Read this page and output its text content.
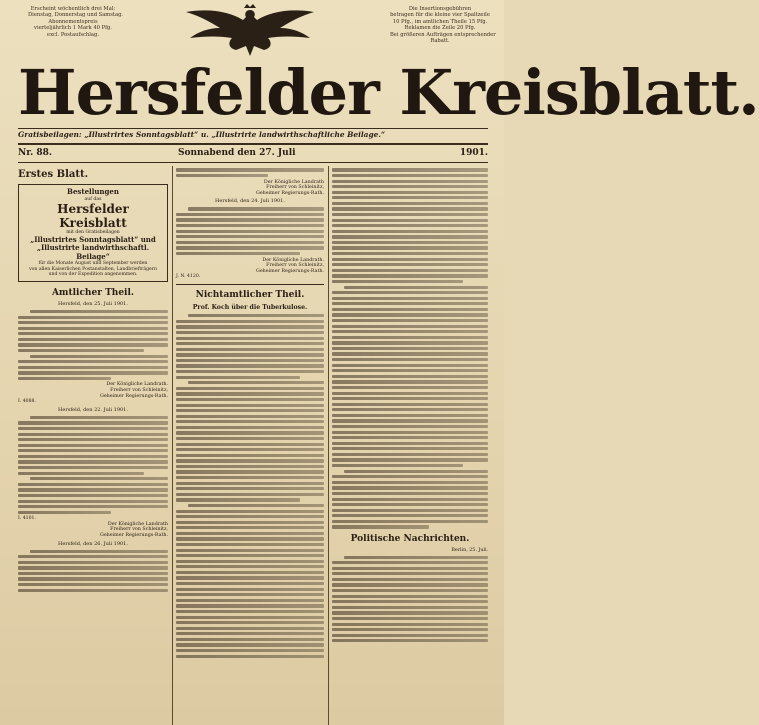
Erscheint wöchentlich drei Mal:
Dienstag, Donnerstag und Samstag.
Abonnementspreis
vierteljährlich 1 Mark 40 Pfg.
excl. Postaufschlag.
Die Insertionsgebühren
betragen für die kleine vier Spaltzeile
10 Pfg., im amtlichen Theile 15 Pfg.
Reklamen die Zeile 20 Pfg.
Bei größeren Aufträgen entsprechender
Rabatt.
Hersfelder Kreisblatt.
Gratisbeilagen: „Illustrirtes Sonntagsblatt“ u. „Illustrirte landwirthschaftliche Beilage.“
Nr. 88.	Sonnabend den 27. Juli	1901.
Erstes Blatt.
Bestellungen
auf das
Hersfelder Kreisblatt
mit den Gratisbeilagen
„Illustrirtes Sonntagsblatt“ und
„Illustrirte landwirthschaftl. Beilage“
für die Monate August und September werden
von allen Kaiserlichen Postanstalten, Landbriefträgern
und von der Expedition angenommen.
Amtlicher Theil.
Hersfeld, den 25. Juli 1901.
Der Königliche Landrath.
Freiherr von Schleinitz,
Geheimer Regierungs-Rath.
I. 4088.
Hersfeld, den 22. Juli 1901.
I. 4101.
Der Königliche Landrath
Freiherr von Schleinitz,
Geheimer Regierungs-Rath.
Hersfeld, den 26. Juli 1901.
Der Königliche Landrath
Freiherr von Schleinitz,
Geheimer Regierungs-Rath.
Hersfeld, den 24. Juli 1901.
Der Königliche Landrath.
Freiherr von Schleinitz,
Geheimer Regierungs-Rath.
J. N. 4120.
Nichtamtlicher Theil.
Prof. Koch über die Tuberkulose.
Politische Nachrichten.
Berlin, 25. Juli.
